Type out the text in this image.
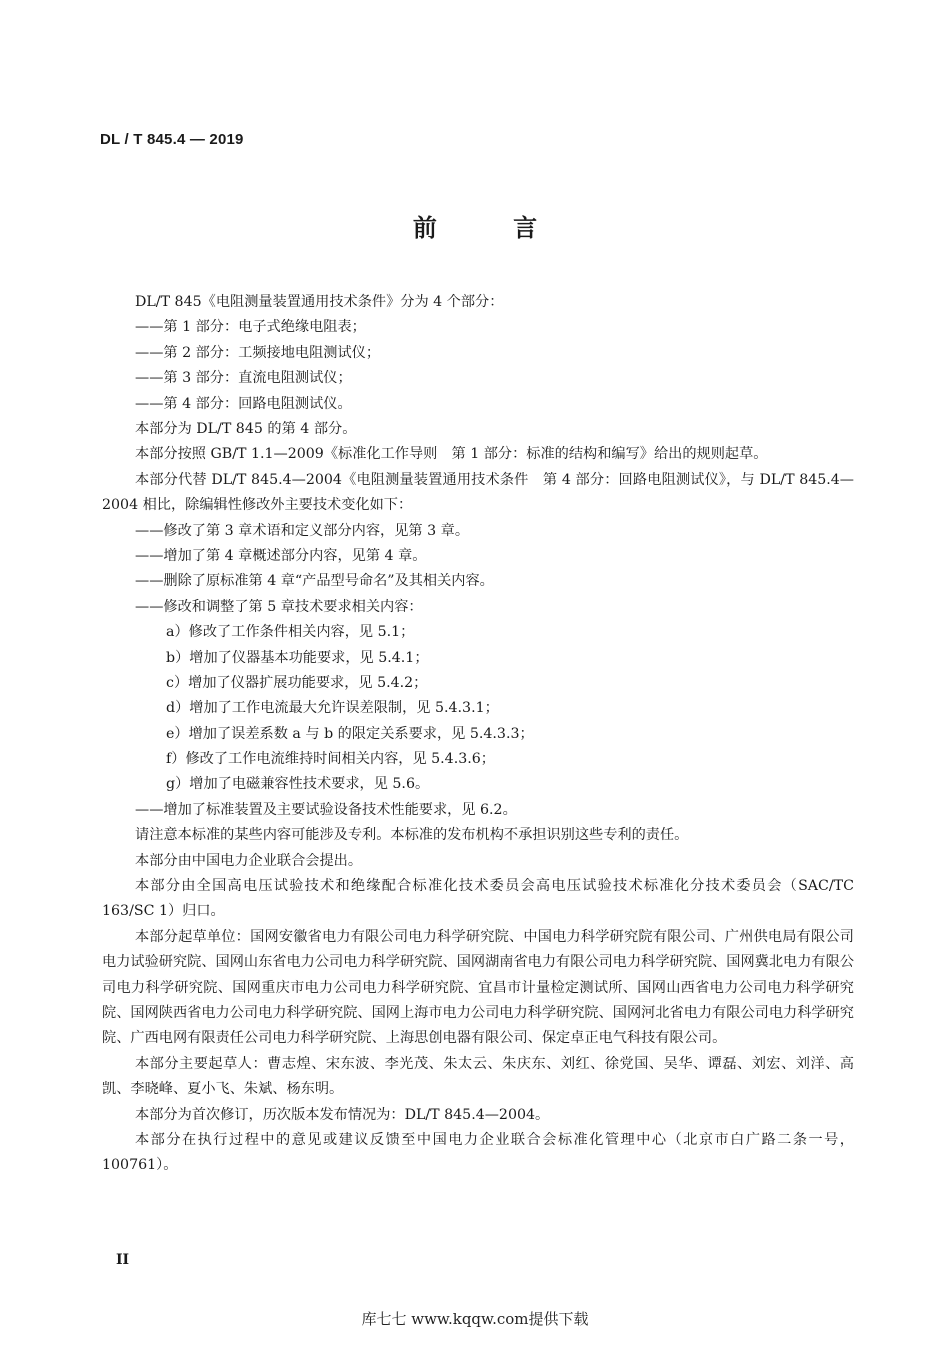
DL / T 845.4 — 2019
前 言
DL/T 845《电阻测量装置通用技术条件》分为 4 个部分：
——第 1 部分：电子式绝缘电阻表；
——第 2 部分：工频接地电阻测试仪；
——第 3 部分：直流电阻测试仪；
——第 4 部分：回路电阻测试仪。
本部分为 DL/T 845 的第 4 部分。
本部分按照 GB/T 1.1—2009《标准化工作导则　第 1 部分：标准的结构和编写》给出的规则起草。
本部分代替 DL/T 845.4—2004《电阻测量装置通用技术条件　第 4 部分：回路电阻测试仪》，与 DL/T 845.4—2004 相比，除编辑性修改外主要技术变化如下：
——修改了第 3 章术语和定义部分内容，见第 3 章。
——增加了第 4 章概述部分内容，见第 4 章。
——删除了原标准第 4 章“产品型号命名”及其相关内容。
——修改和调整了第 5 章技术要求相关内容：
a）修改了工作条件相关内容，见 5.1；
b）增加了仪器基本功能要求，见 5.4.1；
c）增加了仪器扩展功能要求，见 5.4.2；
d）增加了工作电流最大允许误差限制，见 5.4.3.1；
e）增加了误差系数 a 与 b 的限定关系要求，见 5.4.3.3；
f）修改了工作电流维持时间相关内容，见 5.4.3.6；
g）增加了电磁兼容性技术要求，见 5.6。
——增加了标准装置及主要试验设备技术性能要求，见 6.2。
请注意本标准的某些内容可能涉及专利。本标准的发布机构不承担识别这些专利的责任。
本部分由中国电力企业联合会提出。
本部分由全国高电压试验技术和绝缘配合标准化技术委员会高电压试验技术标准化分技术委员会（SAC/TC 163/SC 1）归口。
本部分起草单位：国网安徽省电力有限公司电力科学研究院、中国电力科学研究院有限公司、广州供电局有限公司电力试验研究院、国网山东省电力公司电力科学研究院、国网湖南省电力有限公司电力科学研究院、国网冀北电力有限公司电力科学研究院、国网重庆市电力公司电力科学研究院、宜昌市计量检定测试所、国网山西省电力公司电力科学研究院、国网陕西省电力公司电力科学研究院、国网上海市电力公司电力科学研究院、国网河北省电力有限公司电力科学研究院、广西电网有限责任公司电力科学研究院、上海思创电器有限公司、保定卓正电气科技有限公司。
本部分主要起草人：曹志煌、宋东波、李光茂、朱太云、朱庆东、刘红、徐党国、吴华、谭磊、刘宏、刘洋、高凯、李晓峰、夏小飞、朱斌、杨东明。
本部分为首次修订，历次版本发布情况为：DL/T 845.4—2004。
本部分在执行过程中的意见或建议反馈至中国电力企业联合会标准化管理中心（北京市白广路二条一号，100761）。
II
库七七 www.kqqw.com提供下载
